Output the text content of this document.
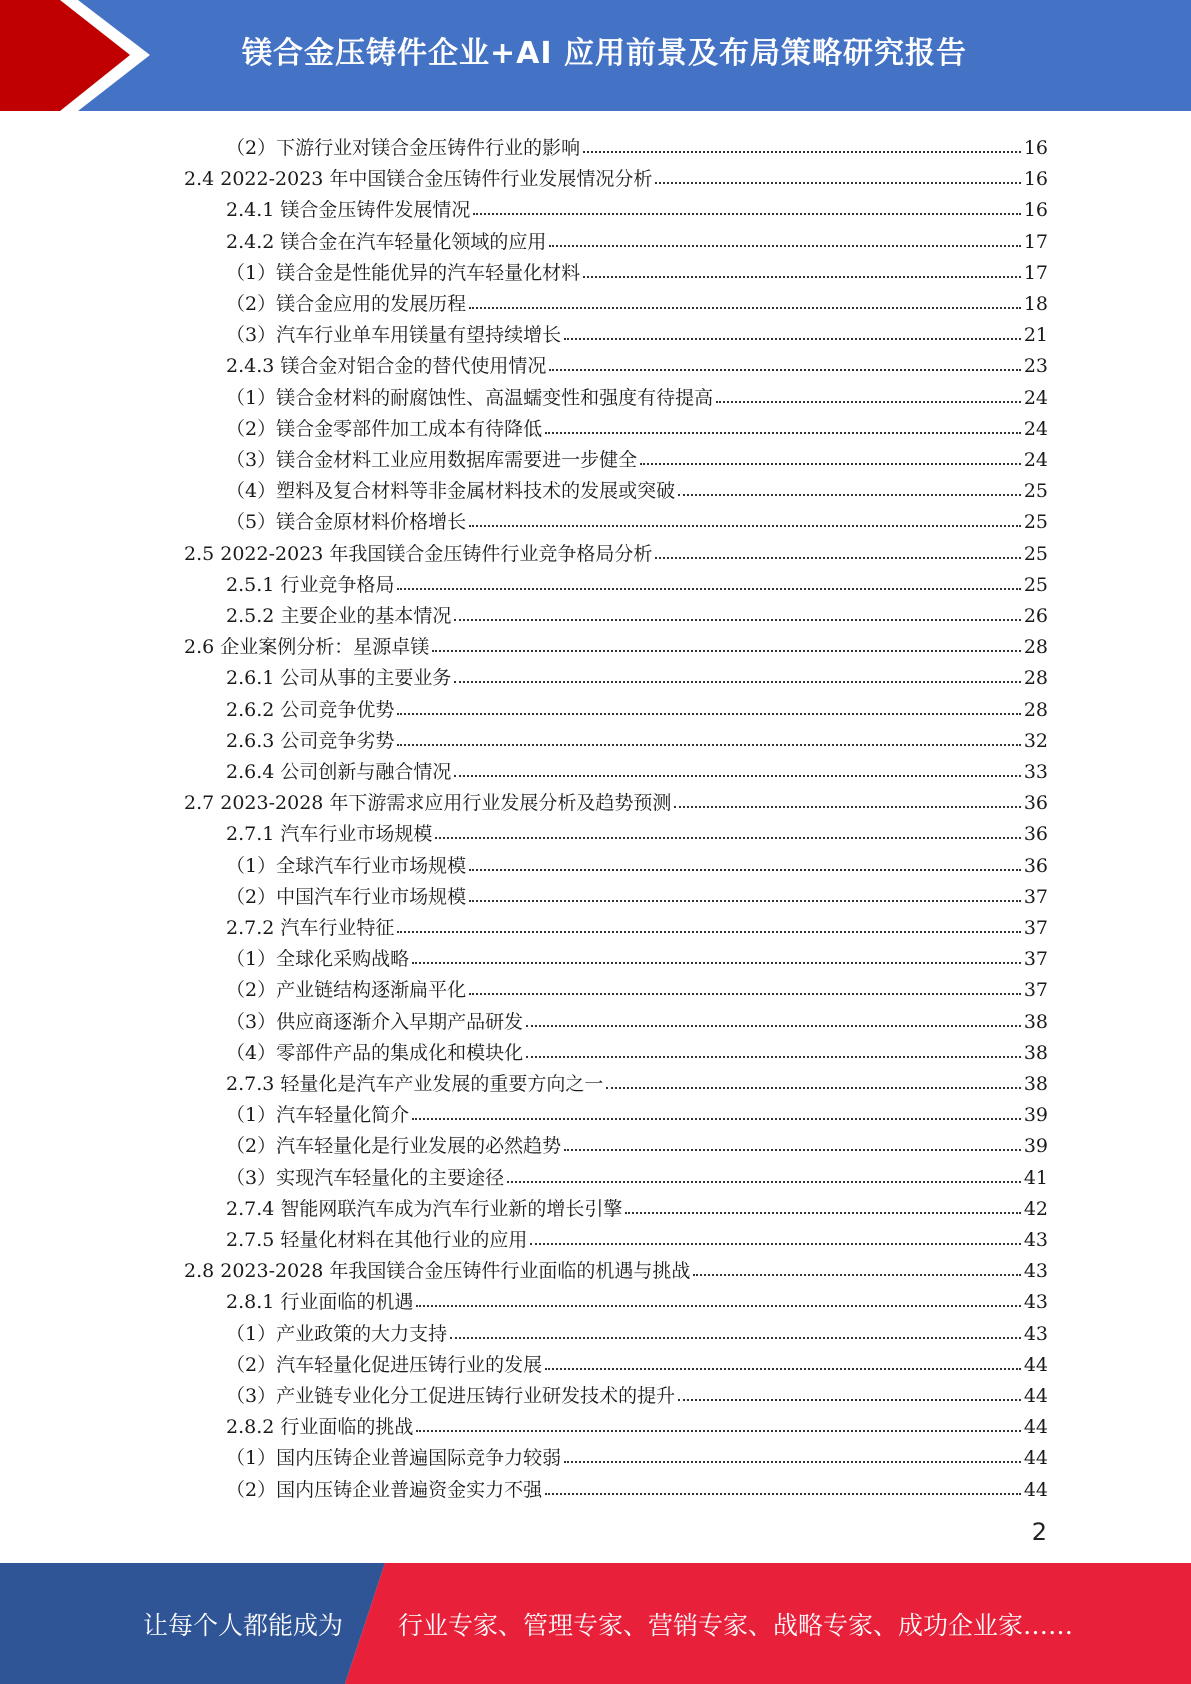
镁合金压铸件企业+AI 应用前景及布局策略研究报告
（2）下游行业对镁合金压铸件行业的影响	16
2.4 2022-2023 年中国镁合金压铸件行业发展情况分析	16
2.4.1 镁合金压铸件发展情况	16
2.4.2 镁合金在汽车轻量化领域的应用	17
（1）镁合金是性能优异的汽车轻量化材料	17
（2）镁合金应用的发展历程	18
（3）汽车行业单车用镁量有望持续增长	21
2.4.3 镁合金对铝合金的替代使用情况	23
（1）镁合金材料的耐腐蚀性、高温蠕变性和强度有待提高	24
（2）镁合金零部件加工成本有待降低	24
（3）镁合金材料工业应用数据库需要进一步健全	24
（4）塑料及复合材料等非金属材料技术的发展或突破	25
（5）镁合金原材料价格增长	25
2.5 2022-2023 年我国镁合金压铸件行业竞争格局分析	25
2.5.1 行业竞争格局	25
2.5.2 主要企业的基本情况	26
2.6 企业案例分析：星源卓镁	28
2.6.1 公司从事的主要业务	28
2.6.2 公司竞争优势	28
2.6.3 公司竞争劣势	32
2.6.4 公司创新与融合情况	33
2.7 2023-2028 年下游需求应用行业发展分析及趋势预测	36
2.7.1 汽车行业市场规模	36
（1）全球汽车行业市场规模	36
（2）中国汽车行业市场规模	37
2.7.2 汽车行业特征	37
（1）全球化采购战略	37
（2）产业链结构逐渐扁平化	37
（3）供应商逐渐介入早期产品研发	38
（4）零部件产品的集成化和模块化	38
2.7.3 轻量化是汽车产业发展的重要方向之一	38
（1）汽车轻量化简介	39
（2）汽车轻量化是行业发展的必然趋势	39
（3）实现汽车轻量化的主要途径	41
2.7.4 智能网联汽车成为汽车行业新的增长引擎	42
2.7.5 轻量化材料在其他行业的应用	43
2.8 2023-2028 年我国镁合金压铸件行业面临的机遇与挑战	43
2.8.1 行业面临的机遇	43
（1）产业政策的大力支持	43
（2）汽车轻量化促进压铸行业的发展	44
（3）产业链专业化分工促进压铸行业研发技术的提升	44
2.8.2 行业面临的挑战	44
（1）国内压铸企业普遍国际竞争力较弱	44
（2）国内压铸企业普遍资金实力不强	44
2
让每个人都能成为 行业专家、管理专家、营销专家、战略专家、成功企业家……
